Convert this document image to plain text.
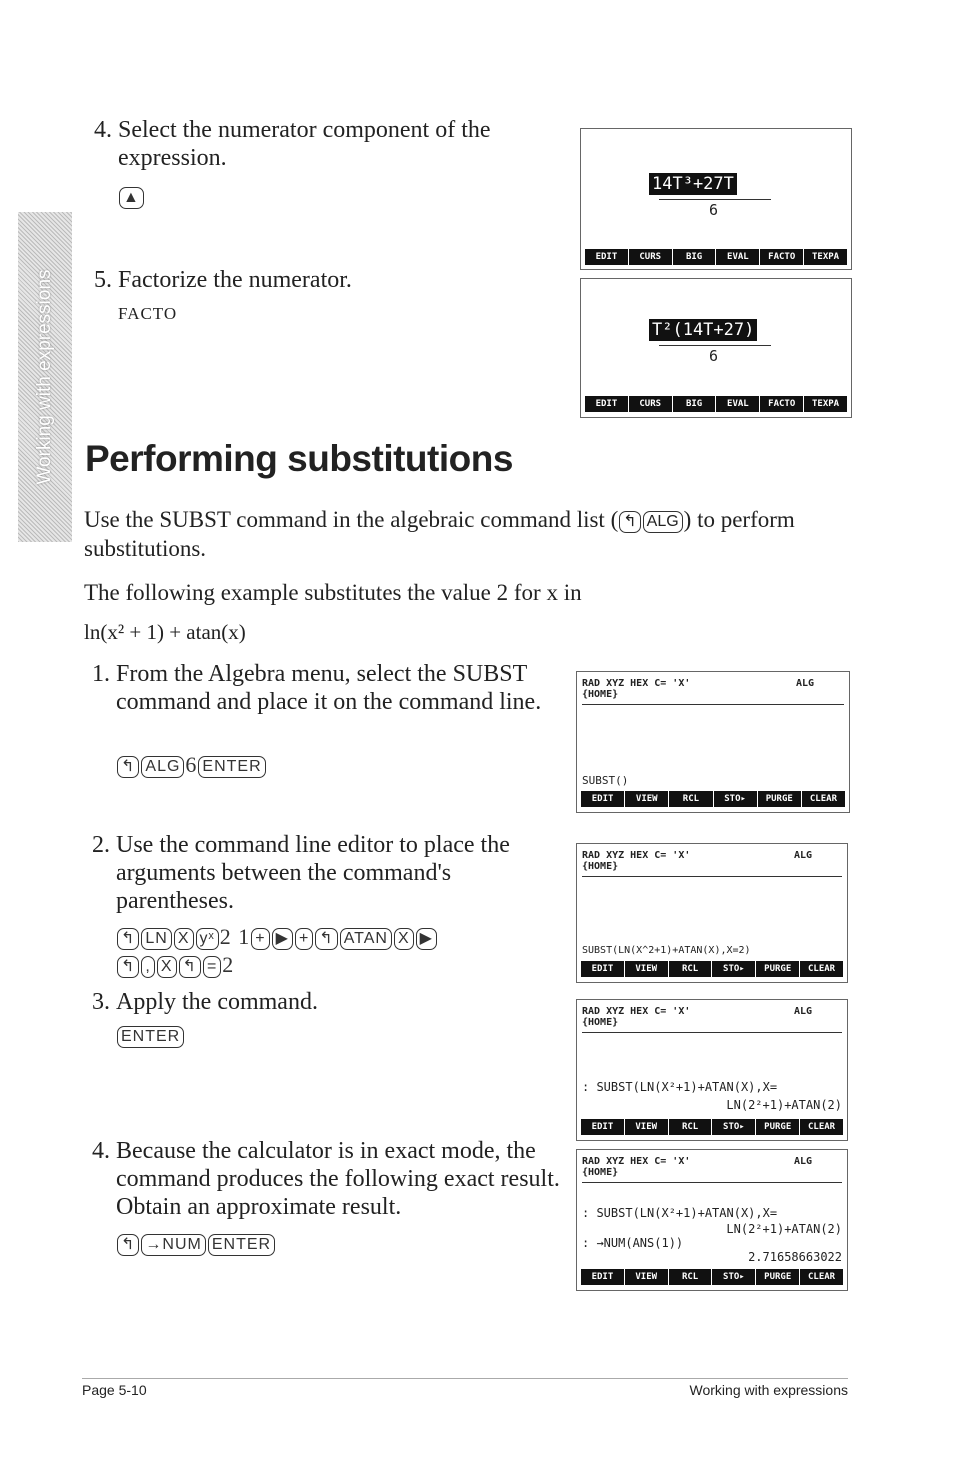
Working with expressions
4. Select the numerator component of the expression.
▲
5. Factorize the numerator.
FACTO
14T³+27T
6
EDIT	CURS	BIG	EVAL	FACTO	TEXPA
T²(14T+27)
6
EDIT	CURS	BIG	EVAL	FACTO	TEXPA
Performing substitutions
Use the SUBST command in the algebraic command list ( ↰ ALG ) to perform substitutions.
The following example substitutes the value 2 for x in
ln(x² + 1) + atan(x)
1. From the Algebra menu, select the SUBST command and place it on the command line.
↰ ALG 6 ENTER
RAD XYZ HEX C= 'X'	ALG
{HOME}
SUBST()
EDIT	VIEW	RCL	STO▸	PURGE	CLEAR
2. Use the command line editor to place the arguments between the command's parentheses.
↰ LN X yˣ 2 1 + ▶ + ↰ ATAN X ▶
↰ , X ↰ = 2
RAD XYZ HEX C= 'X'	ALG
{HOME}
SUBST(LN(X^2+1)+ATAN(X),X=2)
EDIT	VIEW	RCL	STO▸	PURGE	CLEAR
3. Apply the command.
ENTER
RAD XYZ HEX C= 'X'	ALG
{HOME}
: SUBST(LN(X²+1)+ATAN(X),X=
LN(2²+1)+ATAN(2)
EDIT	VIEW	RCL	STO▸	PURGE	CLEAR
4. Because the calculator is in exact mode, the command produces the following exact result. Obtain an approximate result.
↰ →NUM ENTER
RAD XYZ HEX C= 'X'	ALG
{HOME}
: SUBST(LN(X²+1)+ATAN(X),X=
LN(2²+1)+ATAN(2)
: →NUM(ANS(1))
2.71658663022
EDIT	VIEW	RCL	STO▸	PURGE	CLEAR
Page 5-10	Working with expressions
